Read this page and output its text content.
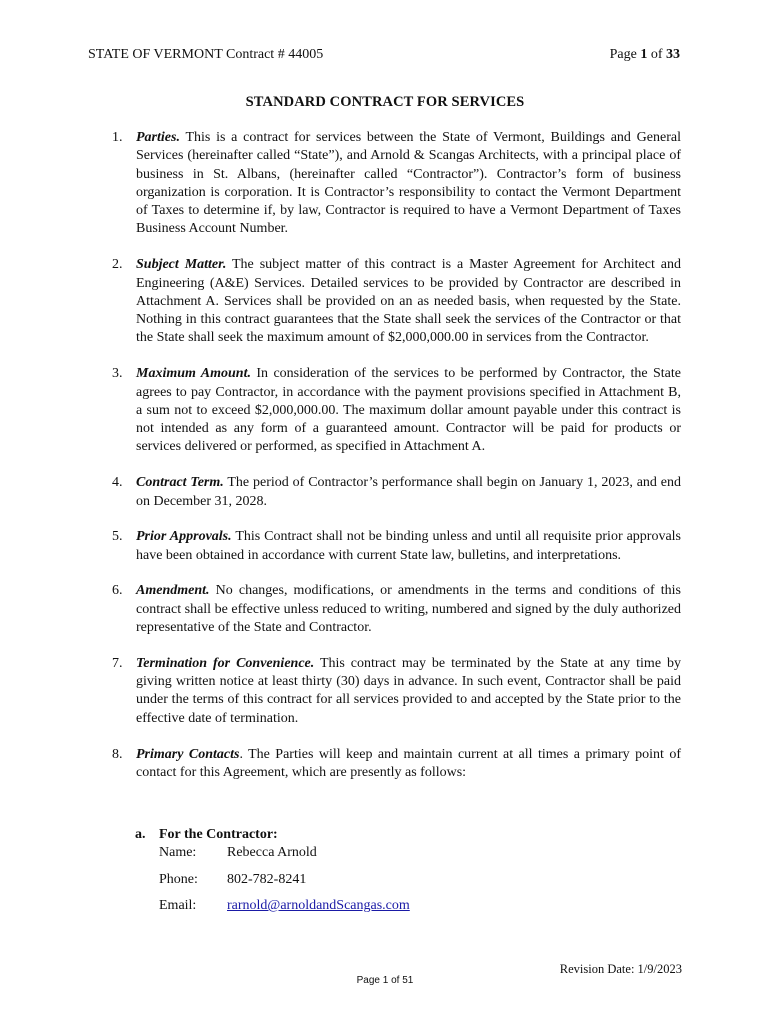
STATE OF VERMONT Contract # 44005	Page 1 of 33
STANDARD CONTRACT FOR SERVICES
1. Parties. This is a contract for services between the State of Vermont, Buildings and General Services (hereinafter called “State”), and Arnold & Scangas Architects, with a principal place of business in St. Albans, (hereinafter called “Contractor”). Contractor’s form of business organization is corporation. It is Contractor’s responsibility to contact the Vermont Department of Taxes to determine if, by law, Contractor is required to have a Vermont Department of Taxes Business Account Number.
2. Subject Matter. The subject matter of this contract is a Master Agreement for Architect and Engineering (A&E) Services. Detailed services to be provided by Contractor are described in Attachment A. Services shall be provided on an as needed basis, when requested by the State. Nothing in this contract guarantees that the State shall seek the services of the Contractor or that the State shall seek the maximum amount of $2,000,000.00 in services from the Contractor.
3. Maximum Amount. In consideration of the services to be performed by Contractor, the State agrees to pay Contractor, in accordance with the payment provisions specified in Attachment B, a sum not to exceed $2,000,000.00. The maximum dollar amount payable under this contract is not intended as any form of a guaranteed amount. Contractor will be paid for products or services delivered or performed, as specified in Attachment A.
4. Contract Term. The period of Contractor’s performance shall begin on January 1, 2023, and end on December 31, 2028.
5. Prior Approvals. This Contract shall not be binding unless and until all requisite prior approvals have been obtained in accordance with current State law, bulletins, and interpretations.
6. Amendment. No changes, modifications, or amendments in the terms and conditions of this contract shall be effective unless reduced to writing, numbered and signed by the duly authorized representative of the State and Contractor.
7. Termination for Convenience. This contract may be terminated by the State at any time by giving written notice at least thirty (30) days in advance. In such event, Contractor shall be paid under the terms of this contract for all services provided to and accepted by the State prior to the effective date of termination.
8. Primary Contacts. The Parties will keep and maintain current at all times a primary point of contact for this Agreement, which are presently as follows:
a. For the Contractor:
Name: Rebecca Arnold
Phone: 802-782-8241
Email: rarnold@arnoldandScangas.com
Revision Date: 1/9/2023
Page 1 of 51
